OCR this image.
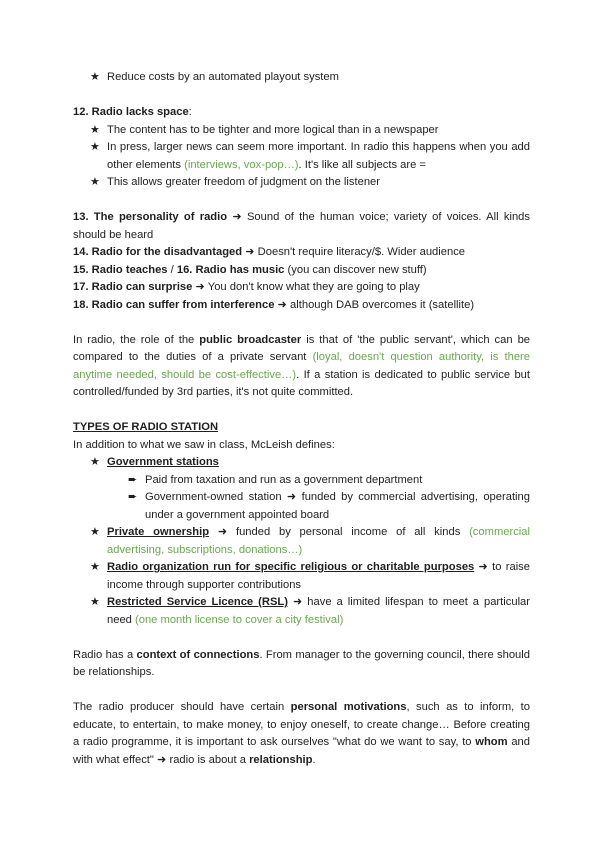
★ Reduce costs by an automated playout system

12. Radio lacks space:

★ The content has to be tighter and more logical than in a newspaper

★ In press, larger news can seem more important. In radio this happens when you add other elements (interviews, vox-pop…). It's like all subjects are =

★ This allows greater freedom of judgment on the listener

13. The personality of radio ➜ Sound of the human voice; variety of voices. All kinds should be heard

14. Radio for the disadvantaged ➜ Doesn't require literacy/$. Wider audience

15. Radio teaches / 16. Radio has music (you can discover new stuff)

17. Radio can surprise ➜ You don't know what they are going to play

18. Radio can suffer from interference ➜ although DAB overcomes it (satellite)

In radio, the role of the public broadcaster is that of 'the public servant', which can be compared to the duties of a private servant (loyal, doesn't question authority, is there anytime needed, should be cost-effective…). If a station is dedicated to public service but controlled/funded by 3rd parties, it's not quite committed.

TYPES OF RADIO STATION

In addition to what we saw in class, McLeish defines:

★ Government stations

➨ Paid from taxation and run as a government department

➨ Government-owned station ➜ funded by commercial advertising, operating under a government appointed board

★ Private ownership ➜ funded by personal income of all kinds (commercial advertising, subscriptions, donations…)

★ Radio organization run for specific religious or charitable purposes ➜ to raise income through supporter contributions

★ Restricted Service Licence (RSL) ➜ have a limited lifespan to meet a particular need (one month license to cover a city festival)

Radio has a context of connections. From manager to the governing council, there should be relationships.

The radio producer should have certain personal motivations, such as to inform, to educate, to entertain, to make money, to enjoy oneself, to create change… Before creating a radio programme, it is important to ask ourselves "what do we want to say, to whom and with what effect" ➜ radio is about a relationship.
